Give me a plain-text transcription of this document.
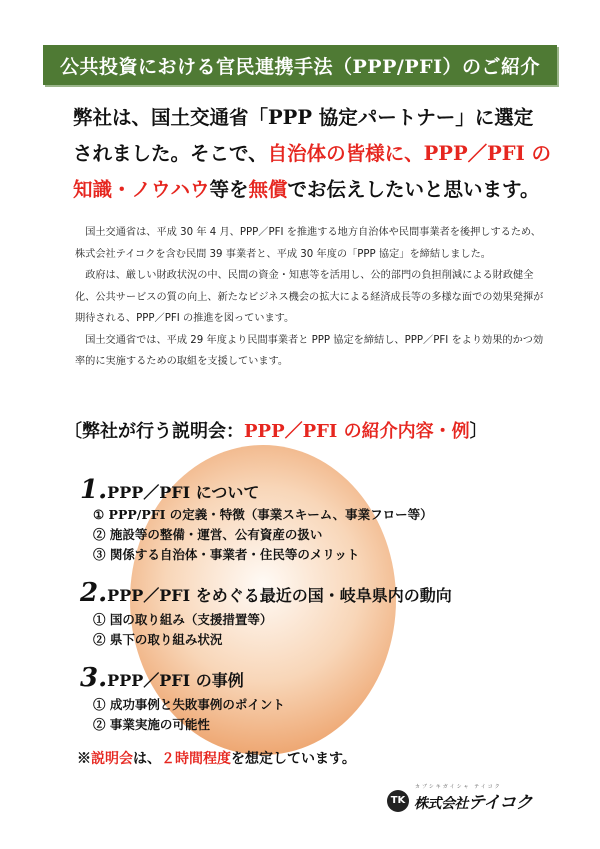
公共投資における官民連携手法（PPP/PFI）のご紹介
弊社は、国土交通省「PPP 協定パートナー」に選定
されました。そこで、自治体の皆様に、PPP／PFI の
知識・ノウハウ等を無償でお伝えしたいと思います。

国土交通省は、平成 30 年 4 月、PPP／PFI を推進する地方自治体や民間事業者を後押しするため、株式会社テイコクを含む民間 39 事業者と、平成 30 年度の「PPP 協定」を締結しました。

政府は、厳しい財政状況の中、民間の資金・知恵等を活用し、公的部門の負担削減による財政健全化、公共サービスの質の向上、新たなビジネス機会の拡大による経済成長等の多様な面での効果発揮が期待される、PPP／PFI の推進を図っています。

国土交通省では、平成 29 年度より民間事業者と PPP 協定を締結し、PPP／PFI をより効果的かつ効率的に実施するための取組を支援しています。

〔弊社が行う説明会：PPP／PFI の紹介内容・例〕
1.PPP／PFI について
① PPP/PFI の定義・特徴（事業スキーム、事業フロー等）
② 施設等の整備・運営、公有資産の扱い
③ 関係する自治体・事業者・住民等のメリット
2.PPP／PFI をめぐる最近の国・岐阜県内の動向
① 国の取り組み（支援措置等）
② 県下の取り組み状況
3.PPP／PFI の事例
① 成功事例と失敗事例のポイント
② 事業実施の可能性
※説明会は、２時間程度を想定しています。
カブシキガイシャ テイコク
TK 株式会社テイコク
